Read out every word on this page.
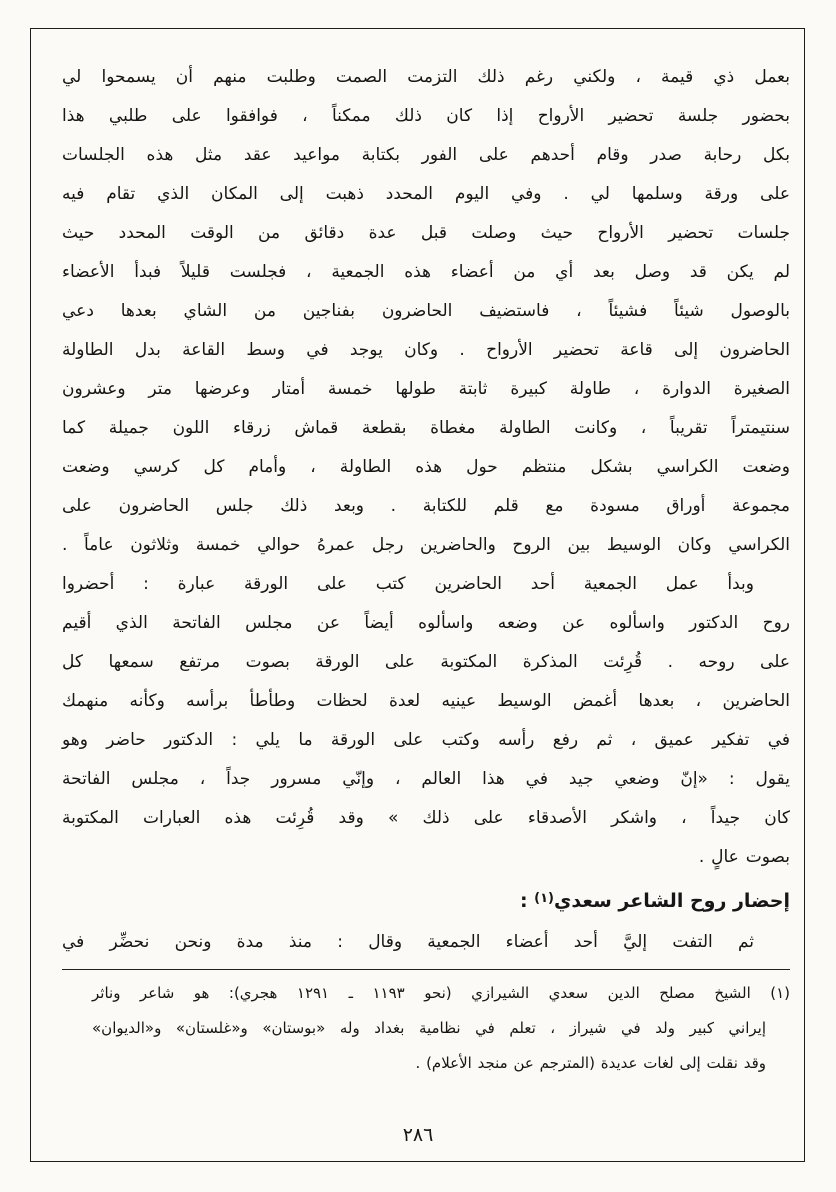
بعمل ذي قيمة ، ولكني رغم ذلك التزمت الصمت وطلبت منهم أن يسمحوا لي
بحضور جلسة تحضير الأرواح إذا كان ذلك ممكناً ، فوافقوا على طلبي هذا
بكل رحابة صدر وقام أحدهم على الفور بكتابة مواعيد عقد مثل هذه الجلسات
على ورقة وسلمها لي . وفي اليوم المحدد ذهبت إلى المكان الذي تقام فيه
جلسات تحضير الأرواح حيث وصلت قبل عدة دقائق من الوقت المحدد حيث
لم يكن قد وصل بعد أي من أعضاء هذه الجمعية ، فجلست قليلاً فبدأ الأعضاء
بالوصول شيئاً فشيئاً ، فاستضيف الحاضرون بفناجين من الشاي بعدها دعي
الحاضرون إلى قاعة تحضير الأرواح . وكان يوجد في وسط القاعة بدل الطاولة
الصغيرة الدوارة ، طاولة كبيرة ثابتة طولها خمسة أمتار وعرضها متر وعشرون
سنتيمتراً تقريباً ، وكانت الطاولة مغطاة بقطعة قماش زرقاء اللون جميلة كما
وضعت الكراسي بشكل منتظم حول هذه الطاولة ، وأمام كل كرسي وضعت
مجموعة أوراق مسودة مع قلم للكتابة . وبعد ذلك جلس الحاضرون على
الكراسي وكان الوسيط بين الروح والحاضرين رجل عمرهُ حوالي خمسة وثلاثون عاماً .
وبدأ عمل الجمعية أحد الحاضرين كتب على الورقة عبارة : أحضروا
روح الدكتور واسألوه عن وضعه واسألوه أيضاً عن مجلس الفاتحة الذي أقيم
على روحه . قُرِئت المذكرة المكتوبة على الورقة بصوت مرتفع سمعها كل
الحاضرين ، بعدها أغمض الوسيط عينيه لعدة لحظات وطأطأ برأسه وكأنه منهمك
في تفكير عميق ، ثم رفع رأسه وكتب على الورقة ما يلي : الدكتور حاضر وهو
يقول : «إنّ وضعي جيد في هذا العالم ، وإنّي مسرور جداً ، مجلس الفاتحة
كان جيداً ، واشكر الأصدقاء على ذلك » وقد قُرِئت هذه العبارات المكتوبة
بصوت عالٍ .
إحضار روح الشاعر سعدي$^{(١)}$ :
ثم التفت إليَّ أحد أعضاء الجمعية وقال : منذ مدة ونحن نحضِّر في
(١) الشيخ مصلح الدين سعدي الشيرازي (نحو ١١٩٣ ـ ١٢٩١ هجري): هو شاعر وناثر
إيراني كبير ولد في شيراز ، تعلم في نظامية بغداد وله «بوستان» و«غلستان» و«الديوان»
وقد نقلت إلى لغات عديدة (المترجم عن منجد الأعلام) .
٢٨٦
